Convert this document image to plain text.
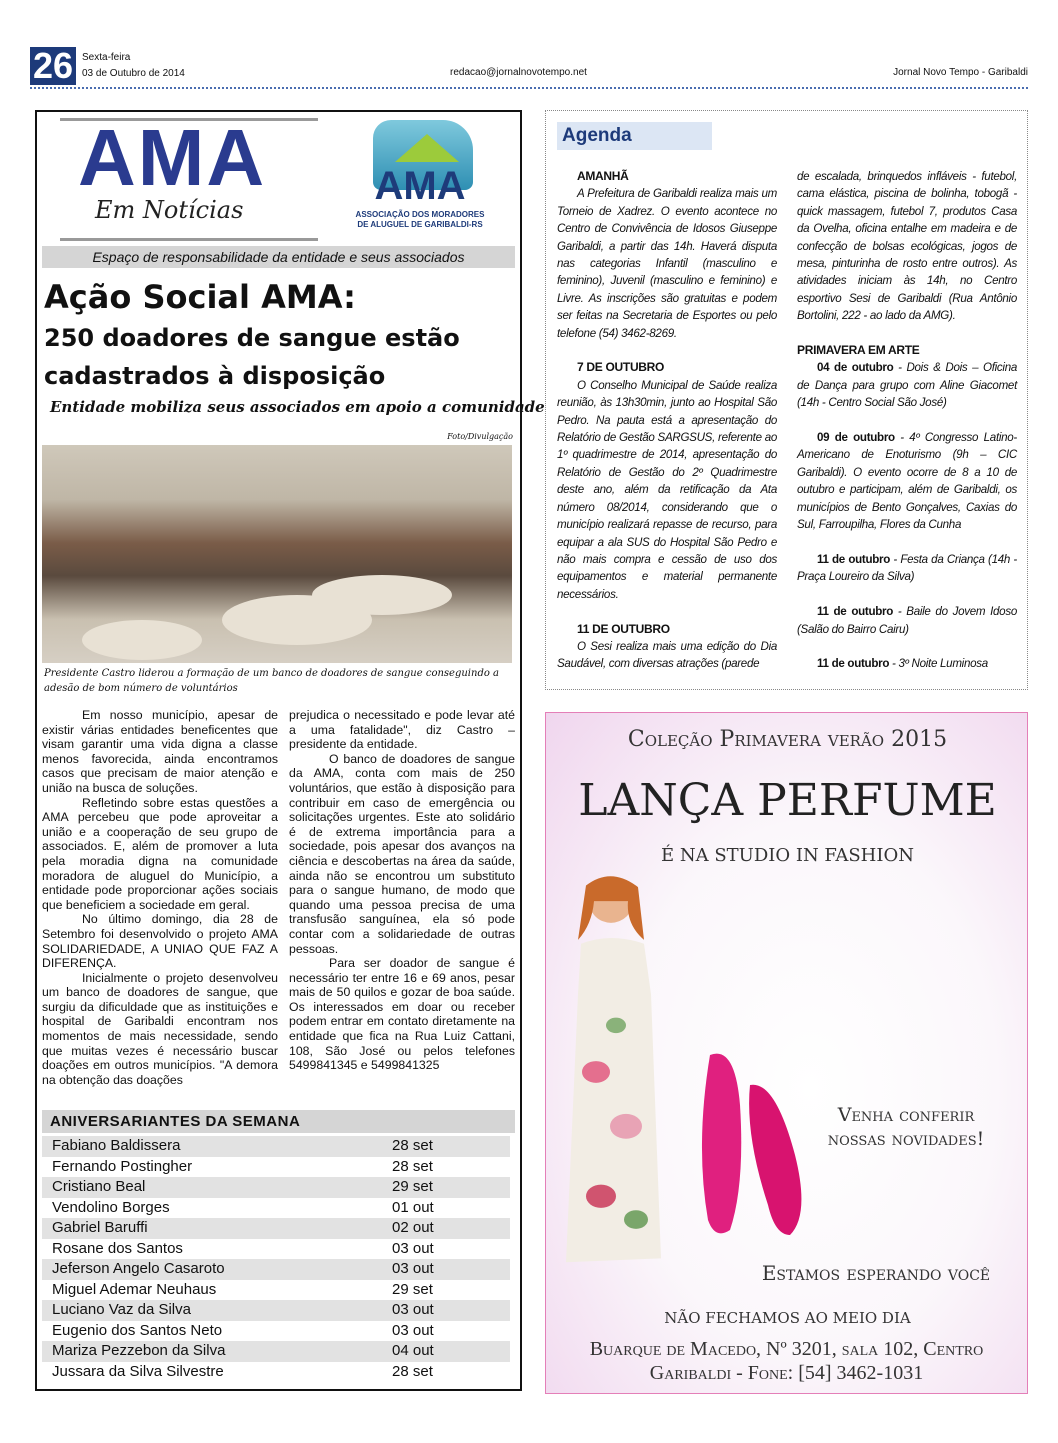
26 Sexta-feira
03 de Outubro de 2014	redacao@jornalnovotempo.net	Jornal Novo Tempo - Garibaldi
AMA
Em Notícias
AMA
ASSOCIAÇÃO DOS MORADORES
DE ALUGUEL DE GARIBALDI-RS
Espaço de responsabilidade da entidade e seus associados
Ação Social AMA:
250 doadores de sangue estão
cadastrados à disposição
Entidade mobiliza seus associados em apoio a comunidade
Foto/Divulgação
Presidente Castro liderou a formação de um banco de doadores de sangue conseguindo a adesão de bom número de voluntários

Em nosso município, apesar de existir várias entidades beneficentes que visam garantir uma vida digna a classe menos favorecida, ainda encontramos casos que precisam de maior atenção e união na busca de soluções.

Refletindo sobre estas questões a AMA percebeu que pode aproveitar a união e a cooperação de seu grupo de associados. E, além de promover a luta pela moradia digna na comunidade moradora de aluguel do Município, a entidade pode proporcionar ações sociais que beneficiem a sociedade em geral.

No último domingo, dia 28 de Setembro foi desenvolvido o projeto AMA SOLIDARIEDADE, A UNIAO QUE FAZ A DIFERENÇA.

Inicialmente o projeto desenvolveu um banco de doadores de sangue, que surgiu da dificuldade que as instituições e hospital de Garibaldi encontram nos momentos de mais necessidade, sendo que muitas vezes é necessário buscar doações em outros municípios. "A demora na obtenção das doações

prejudica o necessitado e pode levar até a uma fatalidade", diz Castro – presidente da entidade.

O banco de doadores de sangue da AMA, conta com mais de 250 voluntários, que estão à disposição para contribuir em caso de emergência ou solicitações urgentes. Este ato solidário é de extrema importância para a sociedade, pois apesar dos avanços na ciência e descobertas na área da saúde, ainda não se encontrou um substituto para o sangue humano, de modo que quando uma pessoa precisa de uma transfusão sanguínea, ela só pode contar com a solidariedade de outras pessoas.

Para ser doador de sangue é necessário ter entre 16 e 69 anos, pesar mais de 50 quilos e gozar de boa saúde. Os interessados em doar ou receber podem entrar em contato diretamente na entidade que fica na Rua Luiz Cattani, 108, São José ou pelos telefones 5499841345 e 5499841325

ANIVERSARIANTES DA SEMANA
Fabiano Baldissera	28 set
Fernando Postingher	28 set
Cristiano Beal	29 set
Vendolino Borges	01 out
Gabriel Baruffi	02 out
Rosane dos Santos	03 out
Jeferson Angelo Casaroto	03 out
Miguel Ademar Neuhaus	29 set
Luciano Vaz da Silva	03 out
Eugenio dos Santos Neto	03 out
Mariza Pezzebon da Silva	04 out
Jussara da Silva Silvestre	28 set
Agenda
AMANHÃ

A Prefeitura de Garibaldi realiza mais um Torneio de Xadrez. O evento acontece no Centro de Convivência de Idosos Giuseppe Garibaldi, a partir das 14h. Haverá disputa nas categorias Infantil (masculino e feminino), Juvenil (masculino e feminino) e Livre. As inscrições são gratuitas e podem ser feitas na Secretaria de Esportes ou pelo telefone (54) 3462-8269.

7 DE OUTUBRO

O Conselho Municipal de Saúde realiza reunião, às 13h30min, junto ao Hospital São Pedro. Na pauta está a apresentação do Relatório de Gestão SARGSUS, referente ao 1º quadrimestre de 2014, apresentação do Relatório de Gestão do 2º Quadrimestre deste ano, além da retificação da Ata número 08/2014, considerando que o município realizará repasse de recurso, para equipar a ala SUS do Hospital São Pedro e não mais compra e cessão de uso dos equipamentos e material permanente necessários.

11 DE OUTUBRO

O Sesi realiza mais uma edição do Dia Saudável, com diversas atrações (parede

de escalada, brinquedos infláveis - futebol, cama elástica, piscina de bolinha, tobogã - quick massagem, futebol 7, produtos Casa da Ovelha, oficina entalhe em madeira e de confecção de bolsas ecológicas, jogos de mesa, pinturinha de rosto entre outros). As atividades iniciam às 14h, no Centro esportivo Sesi de Garibaldi (Rua Antônio Bortolini, 222 - ao lado da AMG).

PRIMAVERA EM ARTE

04 de outubro - Dois & Dois – Oficina de Dança para grupo com Aline Giacomet (14h - Centro Social São José)

09 de outubro - 4º Congresso Latino-Americano de Enoturismo (9h – CIC Garibaldi). O evento ocorre de 8 a 10 de outubro e participam, além de Garibaldi, os municípios de Bento Gonçalves, Caxias do Sul, Farroupilha, Flores da Cunha

11 de outubro - Festa da Criança (14h - Praça Loureiro da Silva)

11 de outubro - Baile do Jovem Idoso (Salão do Bairro Cairu)

11 de outubro - 3º Noite Luminosa

Coleção Primavera verão 2015
LANÇA PERFUME
É NA STUDIO IN FASHION
Venha conferir
nossas novidades!
Estamos esperando você
NÃO FECHAMOS AO MEIO DIA
Buarque de Macedo, Nº 3201, sala 102, Centro
Garibaldi - Fone: [54] 3462-1031
